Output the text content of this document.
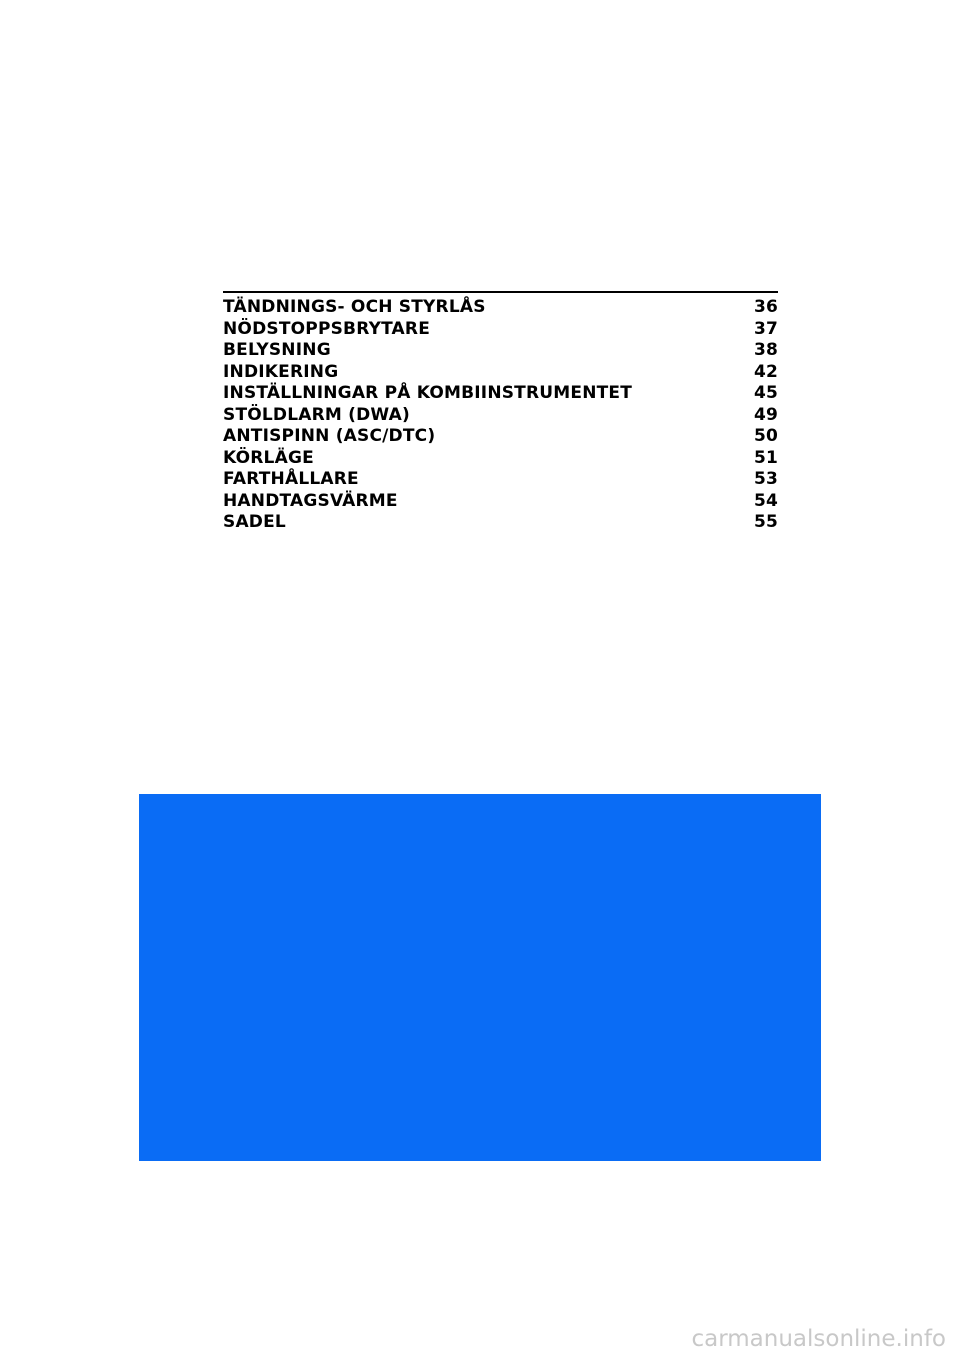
TÄNDNINGS- OCH STYRLÅS	36
NÖDSTOPPSBRYTARE	37
BELYSNING	38
INDIKERING	42
INSTÄLLNINGAR PÅ KOMBIINSTRUMENTET	45
STÖLDLARM (DWA)	49
ANTISPINN (ASC/DTC)	50
KÖRLÄGE	51
FARTHÅLLARE	53
HANDTAGSVÄRME	54
SADEL	55
carmanualsonline.info
